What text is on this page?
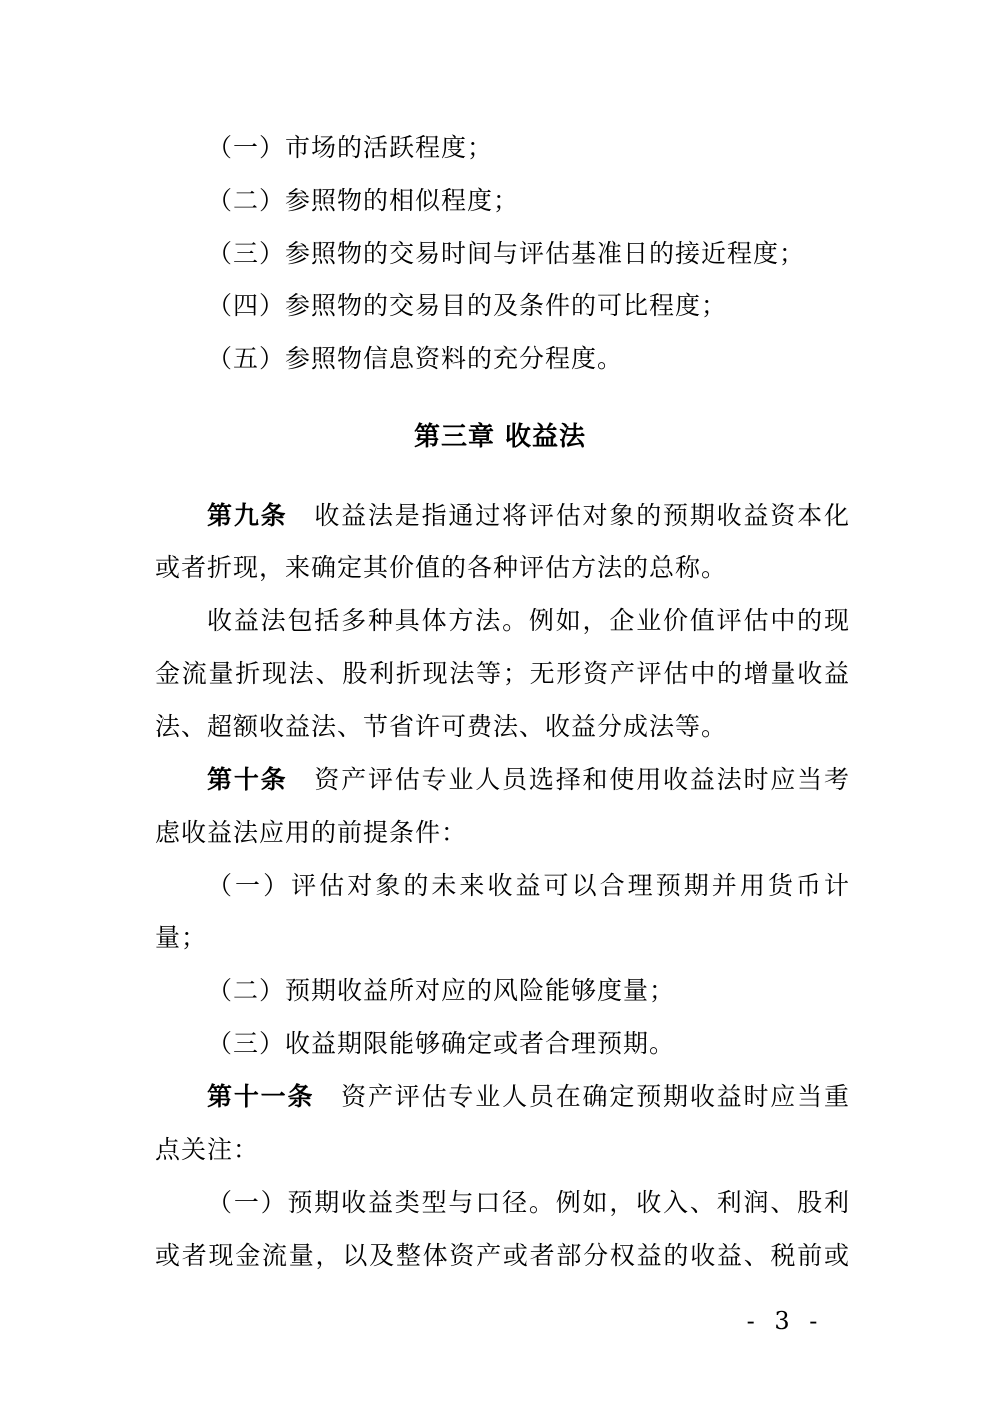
（一）市场的活跃程度；
（二）参照物的相似程度；
（三）参照物的交易时间与评估基准日的接近程度；
（四）参照物的交易目的及条件的可比程度；
（五）参照物信息资料的充分程度。
第三章 收益法
第九条　 收益法是指通过将评估对象的预期收益资本化
或者折现，来确定其价值的各种评估方法的总称。
收益法包括多种具体方法。例如，企业价值评估中的现
金流量折现法、股利折现法等；无形资产评估中的增量收益
法、超额收益法、节省许可费法、收益分成法等。
第十条　 资产评估专业人员选择和使用收益法时应当考
虑收益法应用的前提条件：
（一）评估对象的未来收益可以合理预期并用货币计
量；
（二）预期收益所对应的风险能够度量；
（三）收益期限能够确定或者合理预期。
第十一条　 资产评估专业人员在确定预期收益时应当重
点关注：
（一）预期收益类型与口径。例如，收入、利润、股利
或者现金流量，以及整体资产或者部分权益的收益、税前或
- 3 -
